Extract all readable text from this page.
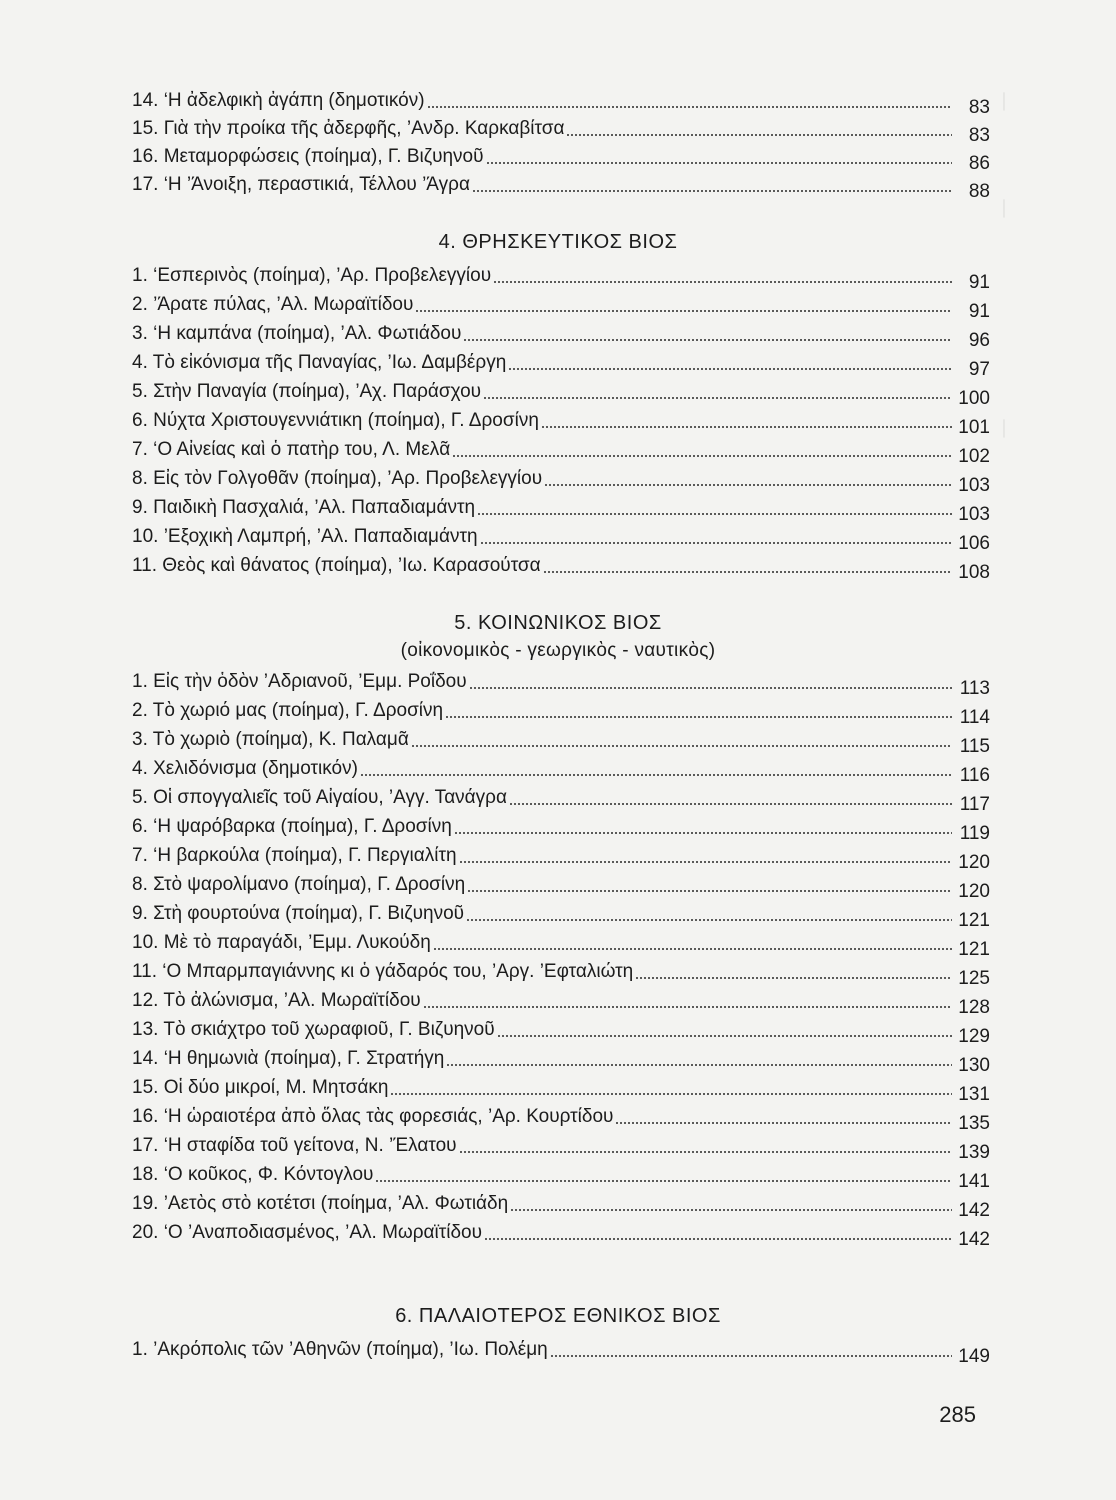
│
│
│
14. ‘Η ἀδελφικὴ ἀγάπη (δημοτικόν)	83
15. Γιὰ τὴν προίκα τῆς ἀδερφῆς, ’Ανδρ. Καρκαβίτσα	83
16. Μεταμορφώσεις (ποίημα), Γ. Βιζυηνοῦ	86
17. ‘Η ’Άνοιξη, περαστικιά, Τέλλου ’Άγρα	88
4. ΘΡΗΣΚΕΥΤΙΚΟΣ ΒΙΟΣ
1. ‘Εσπερινὸς (ποίημα), ’Αρ. Προβελεγγίου	91
2. ’Άρατε πύλας, ’Αλ. Μωραϊτίδου	91
3. ‘Η καμπάνα (ποίημα), ’Αλ. Φωτιάδου	96
4. Τὸ εἰκόνισμα τῆς Παναγίας, ’Ιω. Δαμβέργη	97
5. Στὴν Παναγία (ποίημα), ’Αχ. Παράσχου	100
6. Νύχτα Χριστουγεννιάτικη (ποίημα), Γ. Δροσίνη	101
7. ‘Ο Αἰνείας καὶ ὁ πατὴρ του, Λ. Μελᾶ	102
8. Εἰς τὸν Γολγοθᾶν (ποίημα), ’Αρ. Προβελεγγίου	103
9. Παιδικὴ Πασχαλιά, ’Αλ. Παπαδιαμάντη	103
10. ’Εξοχικὴ Λαμπρή, ’Αλ. Παπαδιαμάντη	106
11. Θεὸς καὶ θάνατος (ποίημα), ’Ιω. Καρασούτσα	108
5. ΚΟΙΝΩΝΙΚΟΣ ΒΙΟΣ
(οἰκονομικὸς - γεωργικὸς - ναυτικὸς)
1. Εἰς τὴν ὁδὸν ’Αδριανοῦ, ’Εμμ. Ροΐδου	113
2. Τὸ χωριό μας (ποίημα), Γ. Δροσίνη	114
3. Τὸ χωριὸ (ποίημα), Κ. Παλαμᾶ	115
4. Χελιδόνισμα (δημοτικόν)	116
5. Οἱ σπογγαλιεῖς τοῦ Αἰγαίου, ’Αγγ. Τανάγρα	117
6. ‘Η ψαρόβαρκα (ποίημα), Γ. Δροσίνη	119
7. ‘Η βαρκούλα (ποίημα), Γ. Περγιαλίτη	120
8. Στὸ ψαρολίμανο (ποίημα), Γ. Δροσίνη	120
9. Στὴ φουρτούνα (ποίημα), Γ. Βιζυηνοῦ	121
10. Μὲ τὸ παραγάδι, ’Εμμ. Λυκούδη	121
11. ‘Ο Μπαρμπαγιάννης κι ὁ γάδαρός του, ’Αργ. ’Εφταλιώτη	125
12. Τὸ ἀλώνισμα, ’Αλ. Μωραϊτίδου	128
13. Τὸ σκιάχτρο τοῦ χωραφιοῦ, Γ. Βιζυηνοῦ	129
14. ‘Η θημωνιὰ (ποίημα), Γ. Στρατήγη	130
15. Οἱ δύο μικροί, Μ. Μητσάκη	131
16. ‘Η ὡραιοτέρα ἀπὸ ὅλας τὰς φορεσιάς, ’Αρ. Κουρτίδου	135
17. ‘Η σταφίδα τοῦ γείτονα, Ν. ’Έλατου	139
18. ‘Ο κοῦκος, Φ. Κόντογλου	141
19. ’Αετὸς στὸ κοτέτσι (ποίημα, ’Αλ. Φωτιάδη	142
20. ‘Ο ’Αναποδιασμένος, ’Αλ. Μωραϊτίδου	142
6. ΠΑΛΑΙΟΤΕΡΟΣ ΕΘΝΙΚΟΣ ΒΙΟΣ
1. ’Ακρόπολις τῶν ’Αθηνῶν (ποίημα), ’Ιω. Πολέμη	149
285
